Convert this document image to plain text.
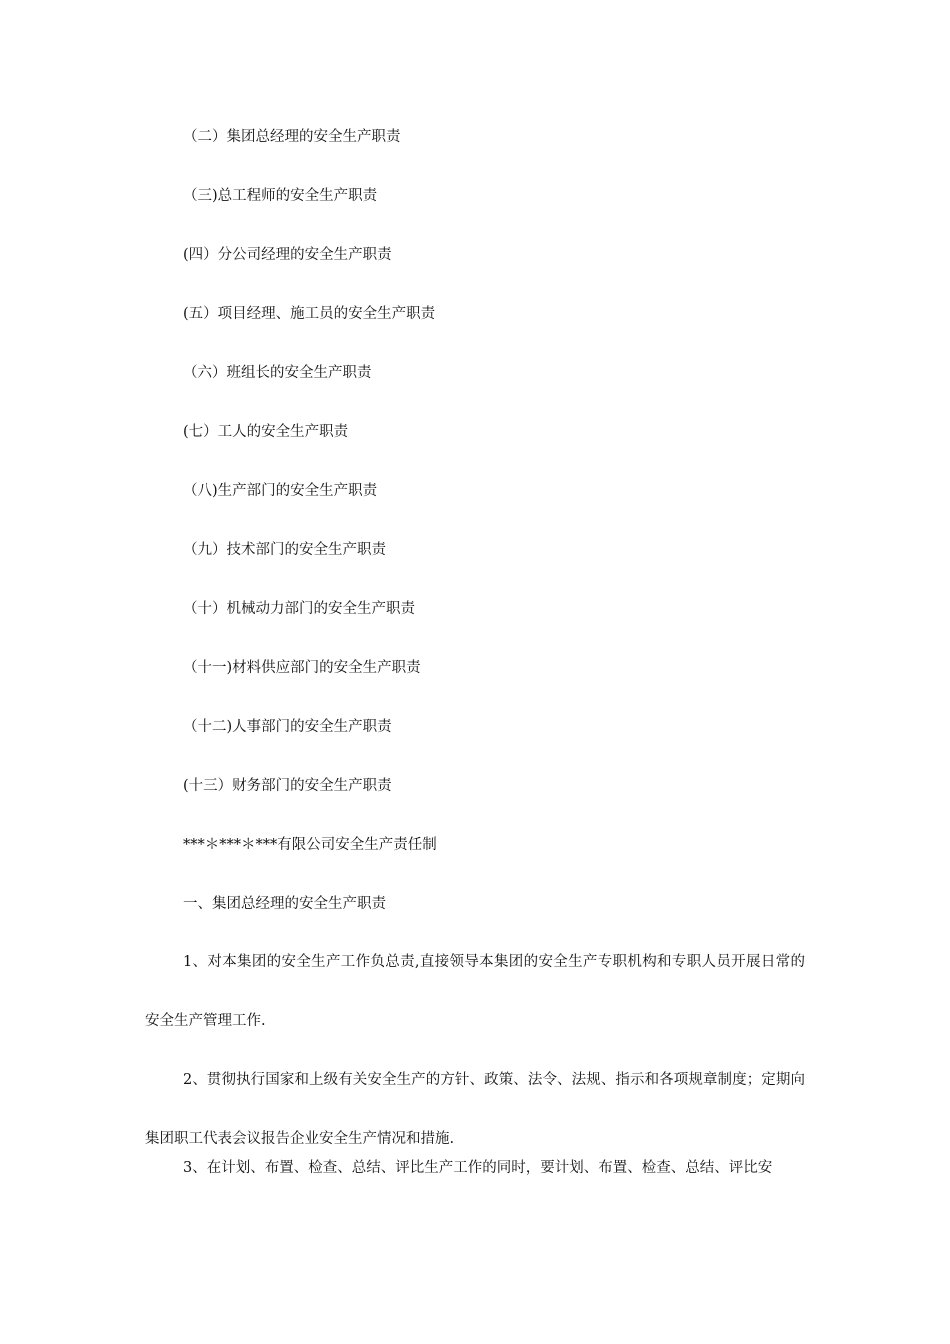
（二）集团总经理的安全生产职责
（三)总工程师的安全生产职责
(四）分公司经理的安全生产职责
(五）项目经理、施工员的安全生产职责
（六）班组长的安全生产职责
(七）工人的安全生产职责
（八)生产部门的安全生产职责
（九）技术部门的安全生产职责
（十）机械动力部门的安全生产职责
（十一)材料供应部门的安全生产职责
（十二)人事部门的安全生产职责
(十三）财务部门的安全生产职责
***＊***＊***有限公司安全生产责任制
一、集团总经理的安全生产职责
1、对本集团的安全生产工作负总责,直接领导本集团的安全生产专职机构和专职人员开展日常的安全生产管理工作.
2、贯彻执行国家和上级有关安全生产的方针、政策、法令、法规、指示和各项规章制度；定期向集团职工代表会议报告企业安全生产情况和措施.
3、在计划、布置、检查、总结、评比生产工作的同时，要计划、布置、检查、总结、评比安
